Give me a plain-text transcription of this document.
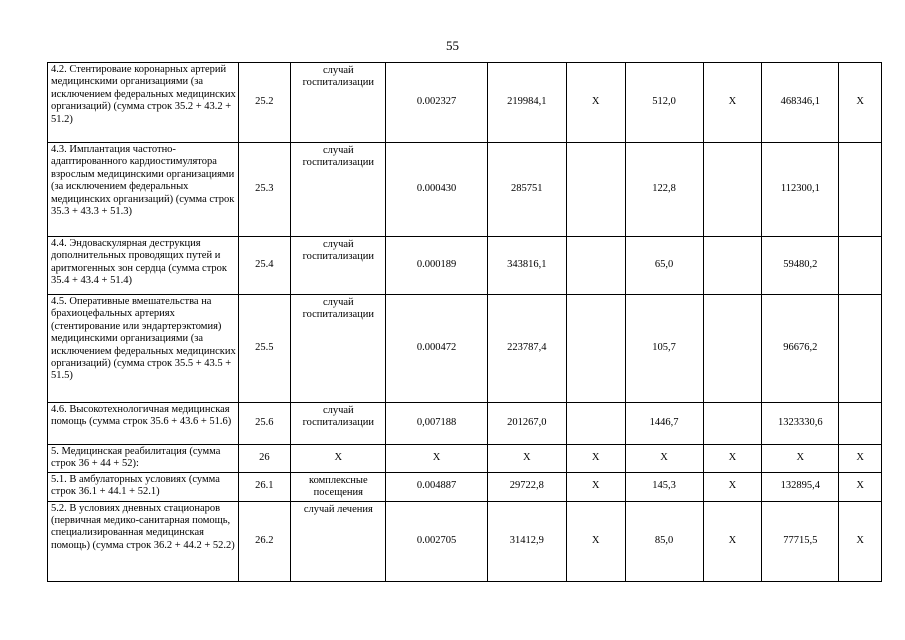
55
4.2. Стентироваие коронарных артерий медицинскими организациями (за исключением федеральных медицинских организаций) (сумма строк 35.2 + 43.2 + 51.2)	25.2	случай госпитализации	0.002327	219984,1	X	512,0	X	468346,1	X
4.3. Имплантация частотно-адаптированного кардиостимулятора взрослым медицинскими организациями (за исключением федеральных медицинских организаций) (сумма строк 35.3 + 43.3 + 51.3)	25.3	случай госпитализации	0.000430	285751		122,8		112300,1	
4.4. Эндоваскулярная деструкция дополнительных проводящих путей и аритмогенных зон сердца (сумма строк 35.4 + 43.4 + 51.4)	25.4	случай госпитализации	0.000189	343816,1		65,0		59480,2	
4.5. Оперативные вмешательства на брахиоцефальных артериях (стентирование или эндартерэктомия) медицинскими организациями (за исключением федеральных медицинских организаций) (сумма строк 35.5 + 43.5 + 51.5)	25.5	случай госпитализации	0.000472	223787,4		105,7		96676,2	
4.6. Высокотехнологичная медицинская помощь (сумма строк 35.6 + 43.6 + 51.6)	25.6	случай госпитализации	0,007188	201267,0		1446,7		1323330,6	
5. Медицинская реабилитация (сумма строк 36 + 44 + 52):	26	X	X	X	X	X	X	X	X
5.1. В амбулаторных условиях (сумма строк 36.1 + 44.1 + 52.1)	26.1	комплексные посещения	0.004887	29722,8	X	145,3	X	132895,4	X
5.2. В условиях дневных стационаров (первичная медико-санитарная помощь, специализированная медицинская помощь) (сумма строк 36.2 + 44.2 + 52.2)	26.2	случай лечения	0.002705	31412,9	X	85,0	X	77715,5	X
